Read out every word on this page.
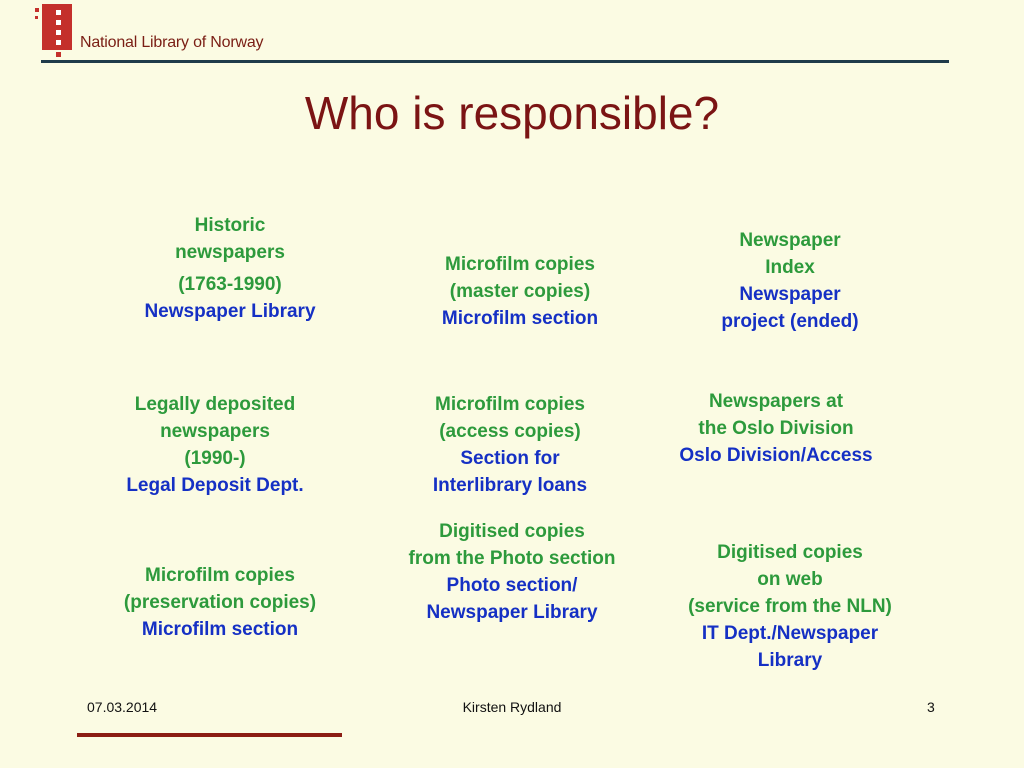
National Library of Norway
Who is responsible?
Historic
newspapers
(1763-1990)
Newspaper Library
Microfilm copies
(master copies)
Microfilm section
Newspaper
Index
Newspaper
project (ended)
Legally deposited
newspapers
(1990-)
Legal Deposit Dept.
Microfilm copies
(access copies)
Section for
Interlibrary loans
Newspapers at
the Oslo Division
Oslo Division/Access
Microfilm copies
(preservation copies)
Microfilm section
Digitised copies
from the Photo section
Photo section/
Newspaper Library
Digitised copies
on web
(service from the NLN)
IT Dept./Newspaper
Library
07.03.2014	Kirsten Rydland	3
